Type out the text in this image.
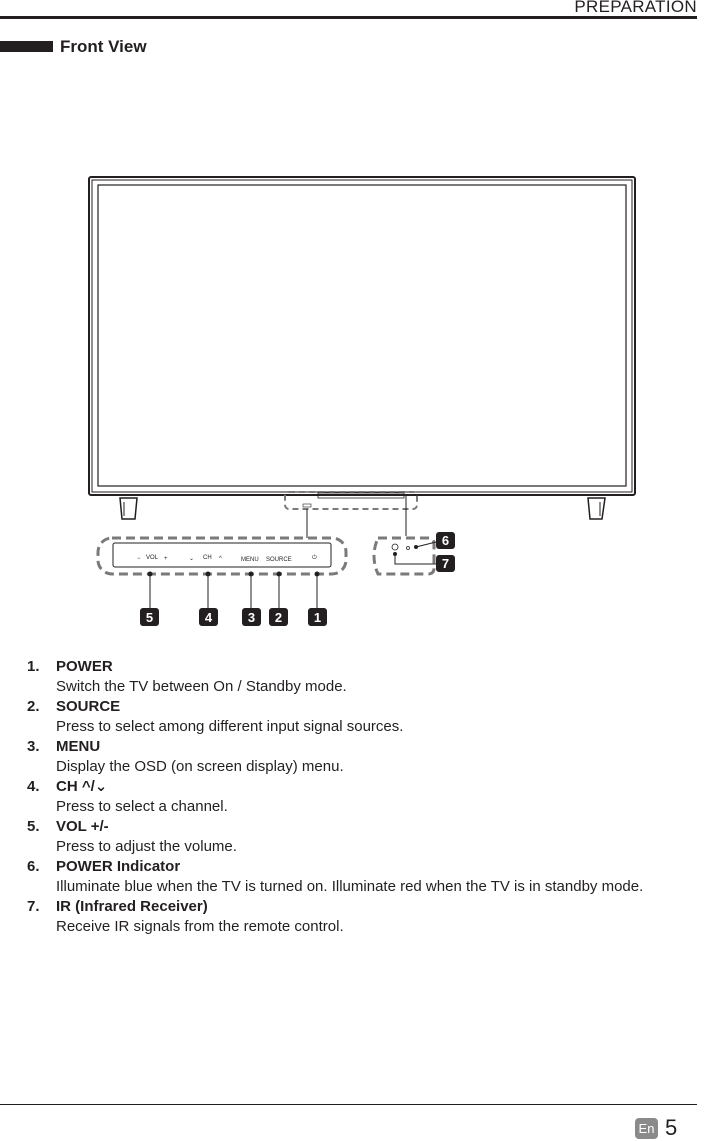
PREPARATION
Front View
− VOL +	⌄ CH ^	MENU SOURCE	⏻
5	4	3 2 1
6
7
1.	POWER
Switch the TV between On / Standby mode.
2.	SOURCE
Press to select among different input signal sources.
3.	MENU
Display the OSD (on screen display) menu.
4.	CH ^/⌄
Press to select a channel.
5.	VOL +/-
Press to adjust the volume.
6.	POWER Indicator
Illuminate blue when the TV is turned on. Illuminate red when the TV is in standby mode.
7.	IR (Infrared Receiver)
Receive IR signals from the remote control.
En 5
